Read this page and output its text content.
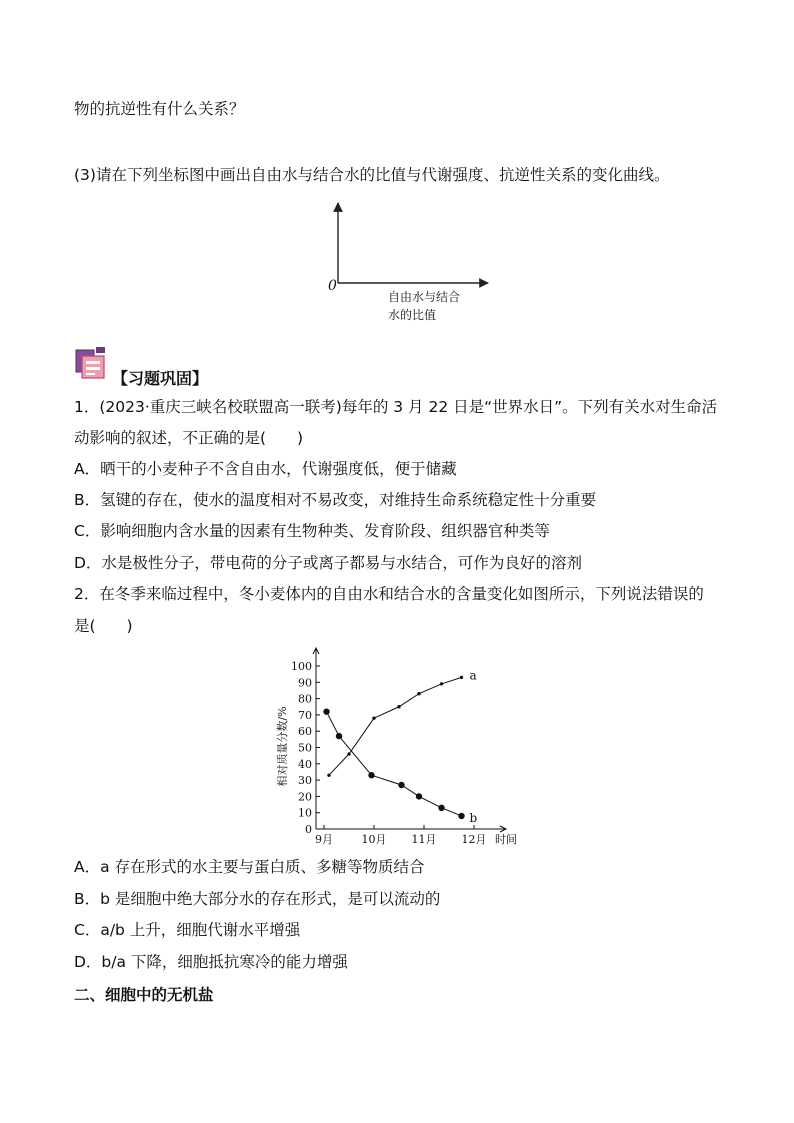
物的抗逆性有什么关系？
(3)请在下列坐标图中画出自由水与结合水的比值与代谢强度、抗逆性关系的变化曲线。
0
自由水与结合
水的比值
【习题巩固】
1．(2023·重庆三峡名校联盟高一联考)每年的 3 月 22 日是“世界水日”。下列有关水对生命活
动影响的叙述，不正确的是(　　)
A．晒干的小麦种子不含自由水，代谢强度低，便于储藏
B．氢键的存在，使水的温度相对不易改变，对维持生命系统稳定性十分重要
C．影响细胞内含水量的因素有生物种类、发育阶段、组织器官种类等
D．水是极性分子，带电荷的分子或离子都易与水结合，可作为良好的溶剂
2．在冬季来临过程中，冬小麦体内的自由水和结合水的含量变化如图所示，下列说法错误的
是(　　)
0
10
20
30
40
50
60
70
80
90
100
9月	10月 11月 12月 时间
相对质量分数/%
a
b
A．a 存在形式的水主要与蛋白质、多糖等物质结合
B．b 是细胞中绝大部分水的存在形式，是可以流动的
C．a/b 上升，细胞代谢水平增强
D．b/a 下降，细胞抵抗寒冷的能力增强
二、细胞中的无机盐
